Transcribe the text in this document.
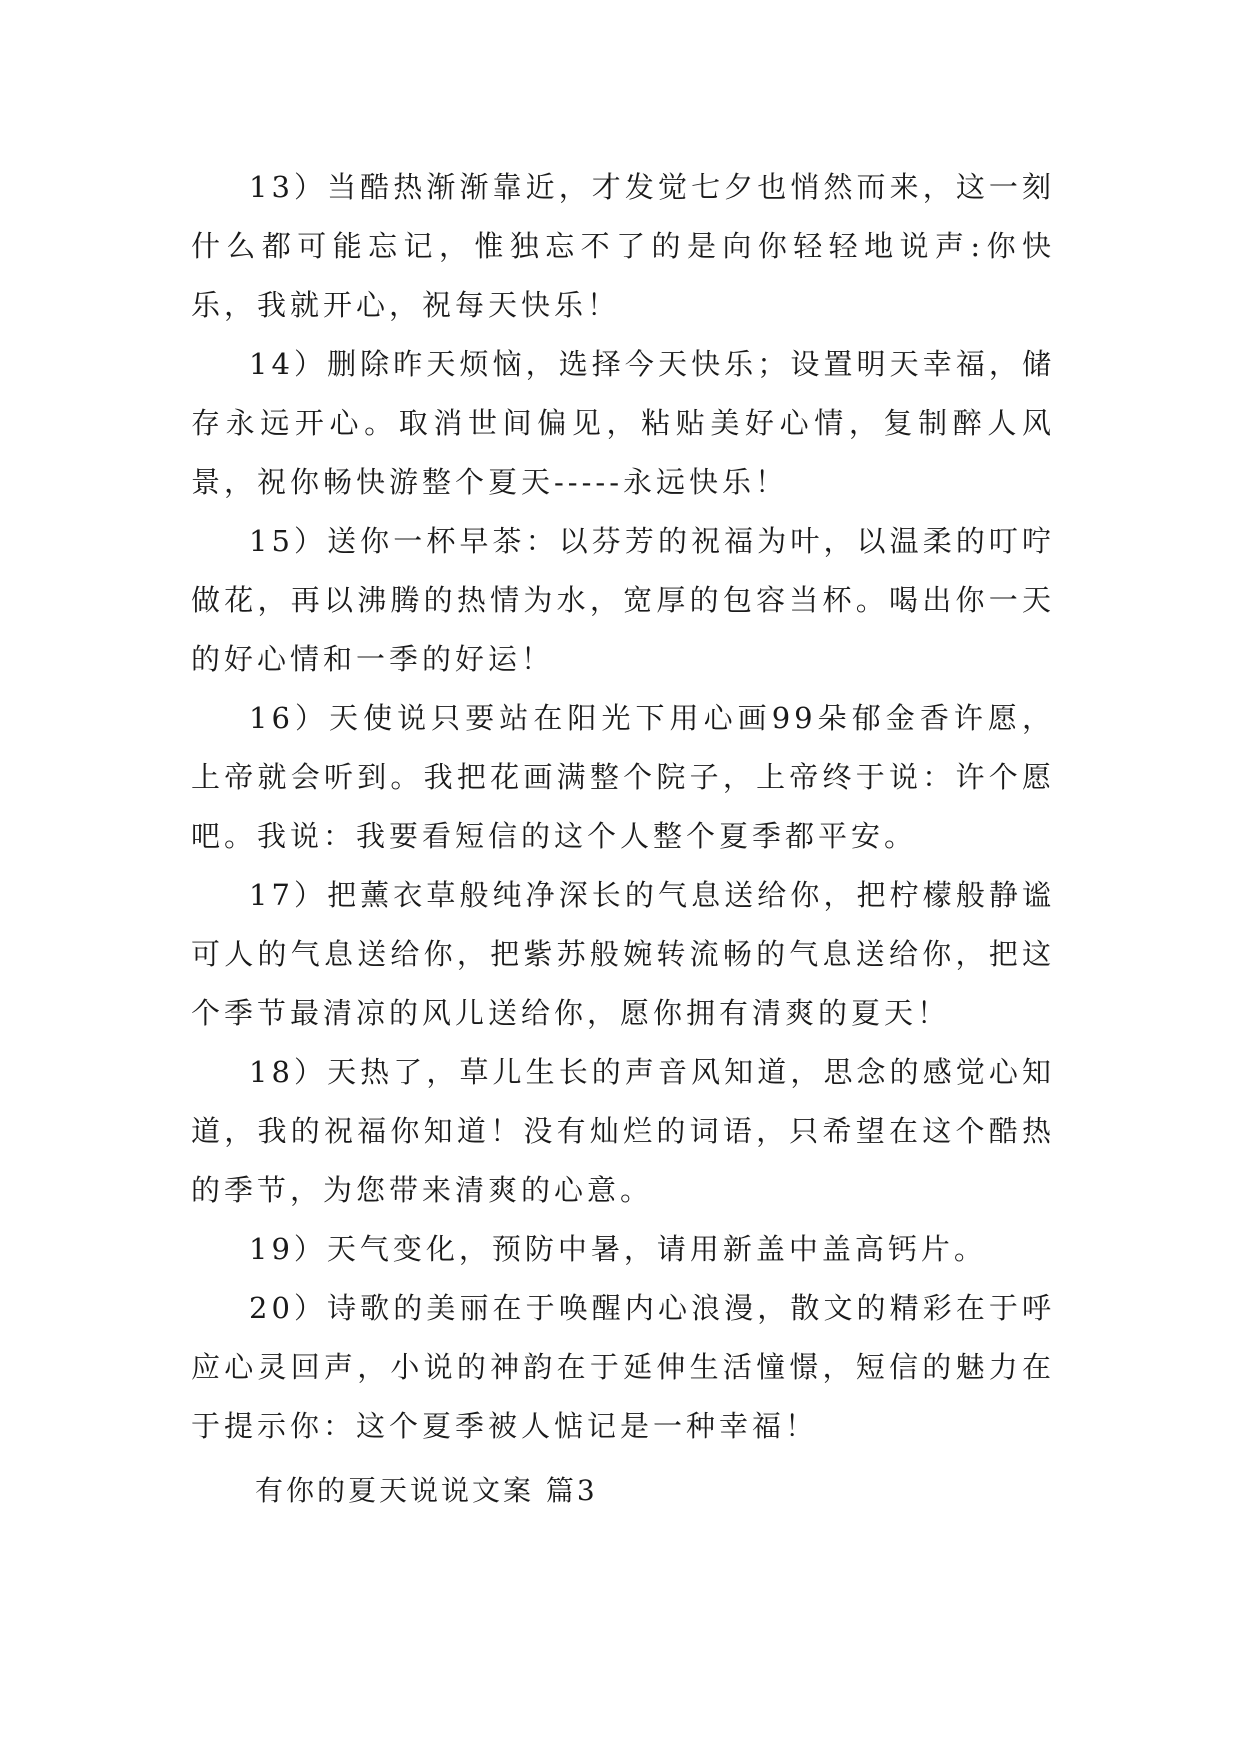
13）当酷热渐渐靠近，才发觉七夕也悄然而来，这一刻什么都可能忘记，惟独忘不了的是向你轻轻地说声:你快乐，我就开心，祝每天快乐！

14）删除昨天烦恼，选择今天快乐；设置明天幸福，储存永远开心。取消世间偏见，粘贴美好心情，复制醉人风景，祝你畅快游整个夏天-----永远快乐！

15）送你一杯早茶：以芬芳的祝福为叶，以温柔的叮咛做花，再以沸腾的热情为水，宽厚的包容当杯。喝出你一天的好心情和一季的好运！

16）天使说只要站在阳光下用心画99朵郁金香许愿，上帝就会听到。我把花画满整个院子，上帝终于说：许个愿吧。我说：我要看短信的这个人整个夏季都平安。

17）把薰衣草般纯净深长的气息送给你，把柠檬般静谧可人的气息送给你，把紫苏般婉转流畅的气息送给你，把这个季节最清凉的风儿送给你，愿你拥有清爽的夏天！

18）天热了，草儿生长的声音风知道，思念的感觉心知道，我的祝福你知道！没有灿烂的词语，只希望在这个酷热的季节，为您带来清爽的心意。

19）天气变化，预防中暑，请用新盖中盖高钙片。

20）诗歌的美丽在于唤醒内心浪漫，散文的精彩在于呼应心灵回声，小说的神韵在于延伸生活憧憬，短信的魅力在于提示你：这个夏季被人惦记是一种幸福！

有你的夏天说说文案 篇3
